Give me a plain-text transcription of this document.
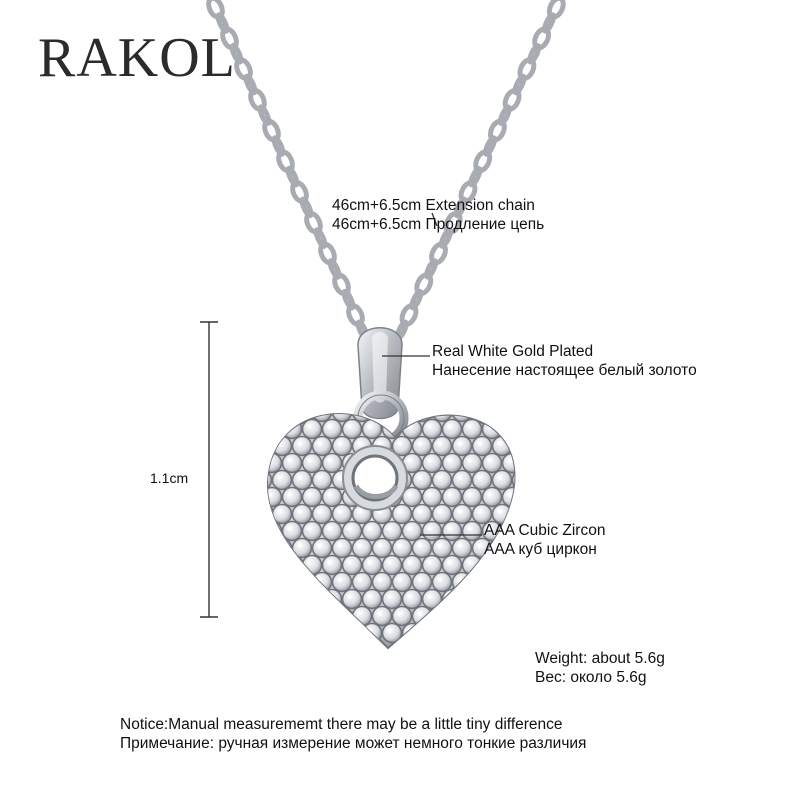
RAKOL
46cm+6.5cm Extension chain
46cm+6.5cm Продление цепь
Real White Gold Plated
Нанесение настоящее белый золото
AAA Cubic Zircon
AAA куб циркон
1.1cm
Weight: about 5.6g
Вес: около 5.6g
Notice:Manual measurememt there may be a little tiny difference
Примечание: ручная измерение может немного тонкие различия
